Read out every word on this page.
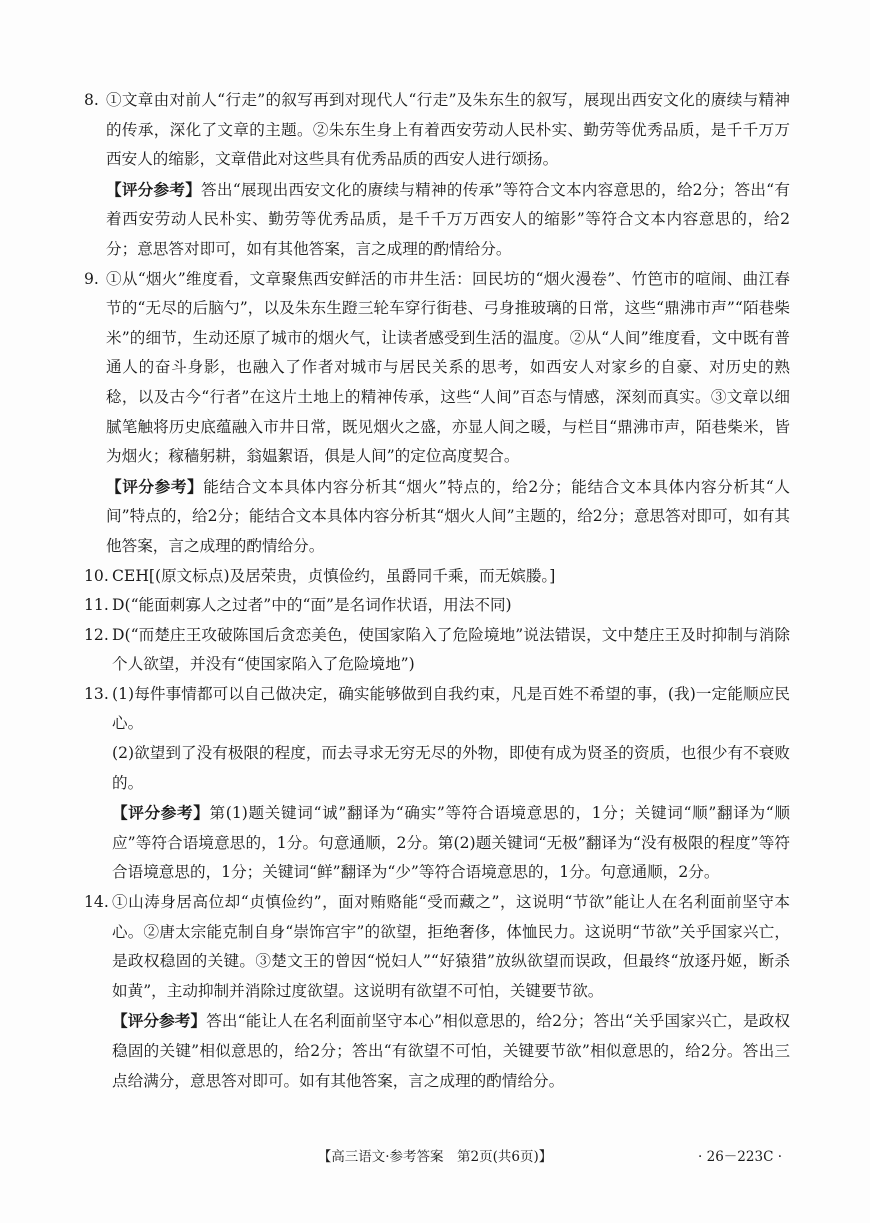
8. ①文章由对前人“行走”的叙写再到对现代人“行走”及朱东生的叙写，展现出西安文化的赓续与精神的传承，深化了文章的主题。②朱东生身上有着西安劳动人民朴实、勤劳等优秀品质，是千千万万西安人的缩影，文章借此对这些具有优秀品质的西安人进行颂扬。
【评分参考】答出“展现出西安文化的赓续与精神的传承”等符合文本内容意思的，给2分；答出“有着西安劳动人民朴实、勤劳等优秀品质，是千千万万西安人的缩影”等符合文本内容意思的，给2分；意思答对即可，如有其他答案，言之成理的酌情给分。
9. ①从“烟火”维度看，文章聚焦西安鲜活的市井生活：回民坊的“烟火漫卷”、竹笆市的喧闹、曲江春节的“无尽的后脑勺”，以及朱东生蹬三轮车穿行街巷、弓身推玻璃的日常，这些“鼎沸市声”“陌巷柴米”的细节，生动还原了城市的烟火气，让读者感受到生活的温度。②从“人间”维度看，文中既有普通人的奋斗身影，也融入了作者对城市与居民关系的思考，如西安人对家乡的自豪、对历史的熟稔，以及古今“行者”在这片土地上的精神传承，这些“人间”百态与情感，深刻而真实。③文章以细腻笔触将历史底蕴融入市井日常，既见烟火之盛，亦显人间之暖，与栏目“鼎沸市声，陌巷柴米，皆为烟火；稼穑躬耕，翁媪絮语，俱是人间”的定位高度契合。
【评分参考】能结合文本具体内容分析其“烟火”特点的，给2分；能结合文本具体内容分析其“人间”特点的，给2分；能结合文本具体内容分析其“烟火人间”主题的，给2分；意思答对即可，如有其他答案，言之成理的酌情给分。
10. CEH[(原文标点)及居荣贵，贞慎俭约，虽爵同千乘，而无嫔媵。]
11. D(“能面刺寡人之过者”中的“面”是名词作状语，用法不同)
12. D(“而楚庄王攻破陈国后贪恋美色，使国家陷入了危险境地”说法错误，文中楚庄王及时抑制与消除个人欲望，并没有“使国家陷入了危险境地”)
13. (1)每件事情都可以自己做决定，确实能够做到自我约束，凡是百姓不希望的事，(我)一定能顺应民心。
(2)欲望到了没有极限的程度，而去寻求无穷无尽的外物，即使有成为贤圣的资质，也很少有不衰败的。
【评分参考】第(1)题关键词“诚”翻译为“确实”等符合语境意思的，1分；关键词“顺”翻译为“顺应”等符合语境意思的，1分。句意通顺，2分。第(2)题关键词“无极”翻译为“没有极限的程度”等符合语境意思的，1分；关键词“鲜”翻译为“少”等符合语境意思的，1分。句意通顺，2分。
14. ①山涛身居高位却“贞慎俭约”，面对贿赂能“受而藏之”，这说明“节欲”能让人在名利面前坚守本心。②唐太宗能克制自身“崇饰宫宇”的欲望，拒绝奢侈，体恤民力。这说明“节欲”关乎国家兴亡，是政权稳固的关键。③楚文王的曾因“悦妇人”“好猿猎”放纵欲望而误政，但最终“放逐丹姬，断杀如黄”，主动抑制并消除过度欲望。这说明有欲望不可怕，关键要节欲。
【评分参考】答出“能让人在名利面前坚守本心”相似意思的，给2分；答出“关乎国家兴亡，是政权稳固的关键”相似意思的，给2分；答出“有欲望不可怕，关键要节欲”相似意思的，给2分。答出三点给满分，意思答对即可。如有其他答案，言之成理的酌情给分。
【高三语文·参考答案　第2页(共6页)】	· 26－223C ·
